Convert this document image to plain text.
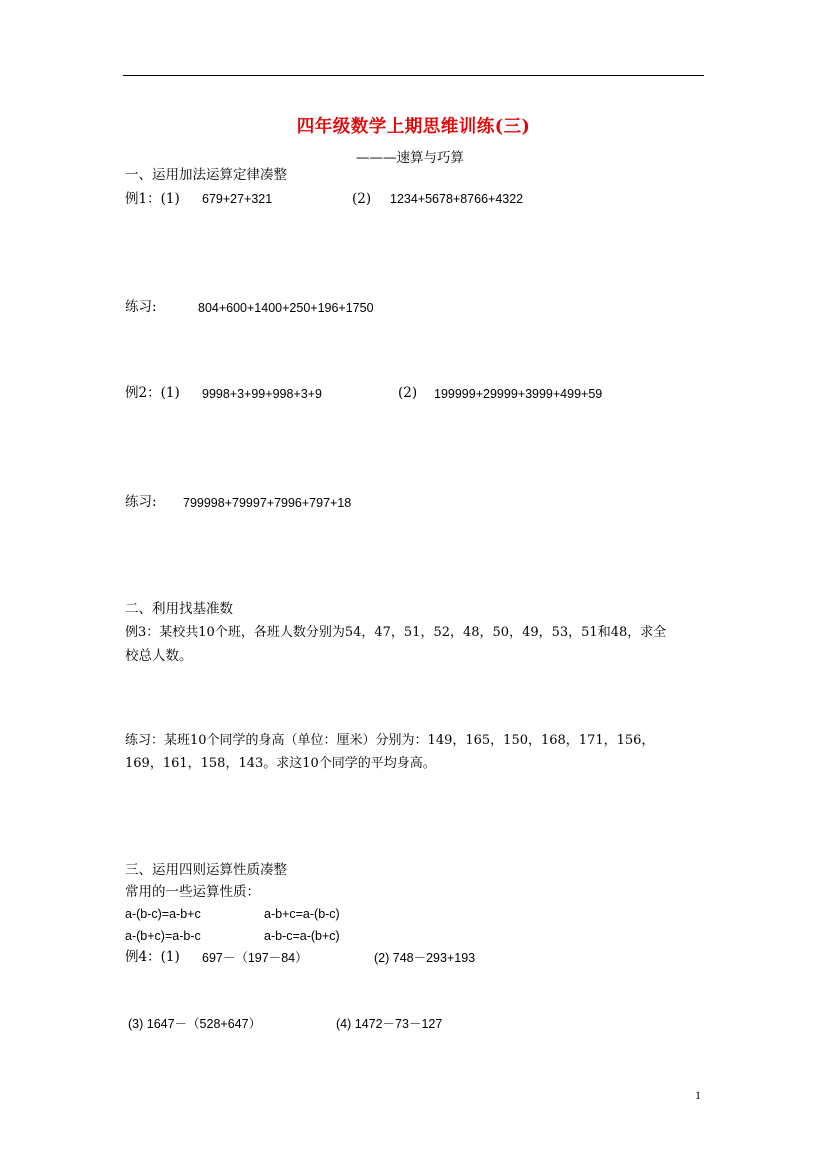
四年级数学上期思维训练(三)
———速算与巧算
一、运用加法运算定律凑整
例1：(1) 679+27+321	(2) 1234+5678+8766+4322
练习:	804+600+1400+250+196+1750
例2：(1) 9998+3+99+998+3+9	(2) 199999+29999+3999+499+59
练习: 799998+79997+7996+797+18
二、利用找基准数
例3：某校共10个班，各班人数分别为54，47，51，52，48，50，49，53，51和48，求全
校总人数。
练习：某班10个同学的身高（单位：厘米）分别为：149，165，150，168，171，156，
169，161，158，143。求这10个同学的平均身高。
三、运用四则运算性质凑整
常用的一些运算性质：
a-(b-c)=a-b+c	a-b+c=a-(b-c)
a-(b+c)=a-b-c	a-b-c=a-(b+c)
例4：(1) 697－（197－84）	(2) 748－293+193
(3) 1647－（528+647）	(4) 1472－73－127
1
